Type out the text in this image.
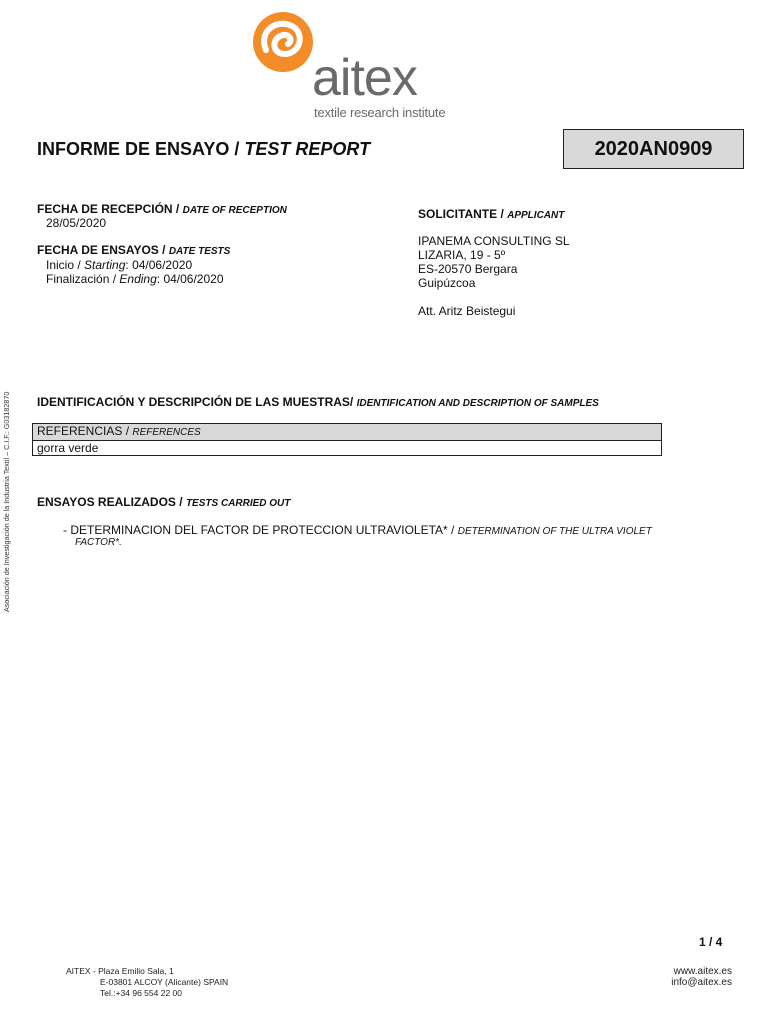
aitex
textile research institute
INFORME DE ENSAYO / TEST REPORT	2020AN0909
FECHA DE RECEPCIÓN / DATE OF RECEPTION
28/05/2020
FECHA DE ENSAYOS / DATE TESTS
Inicio / Starting: 04/06/2020
Finalización / Ending: 04/06/2020
SOLICITANTE / APPLICANT
IPANEMA CONSULTING SL
LIZARIA, 19 - 5º
ES-20570 Bergara
Guipúzcoa
Att. Aritz Beistegui
Asociación de Investigación de la Industria Textil – C.I.F.: G03182870 IDENTIFICACIÓN Y DESCRIPCIÓN DE LAS MUESTRAS/ IDENTIFICATION AND DESCRIPTION OF SAMPLES
REFERENCIAS / REFERENCES
gorra verde
ENSAYOS REALIZADOS / TESTS CARRIED OUT
- DETERMINACION DEL FACTOR DE PROTECCION ULTRAVIOLETA* / DETERMINATION OF THE ULTRA VIOLET
FACTOR*.
1 / 4
AITEX - Plaza Emilio Sala, 1
E-03801 ALCOY (Alicante) SPAIN
Tel.:+34 96 554 22 00
www.aitex.es
info@aitex.es
